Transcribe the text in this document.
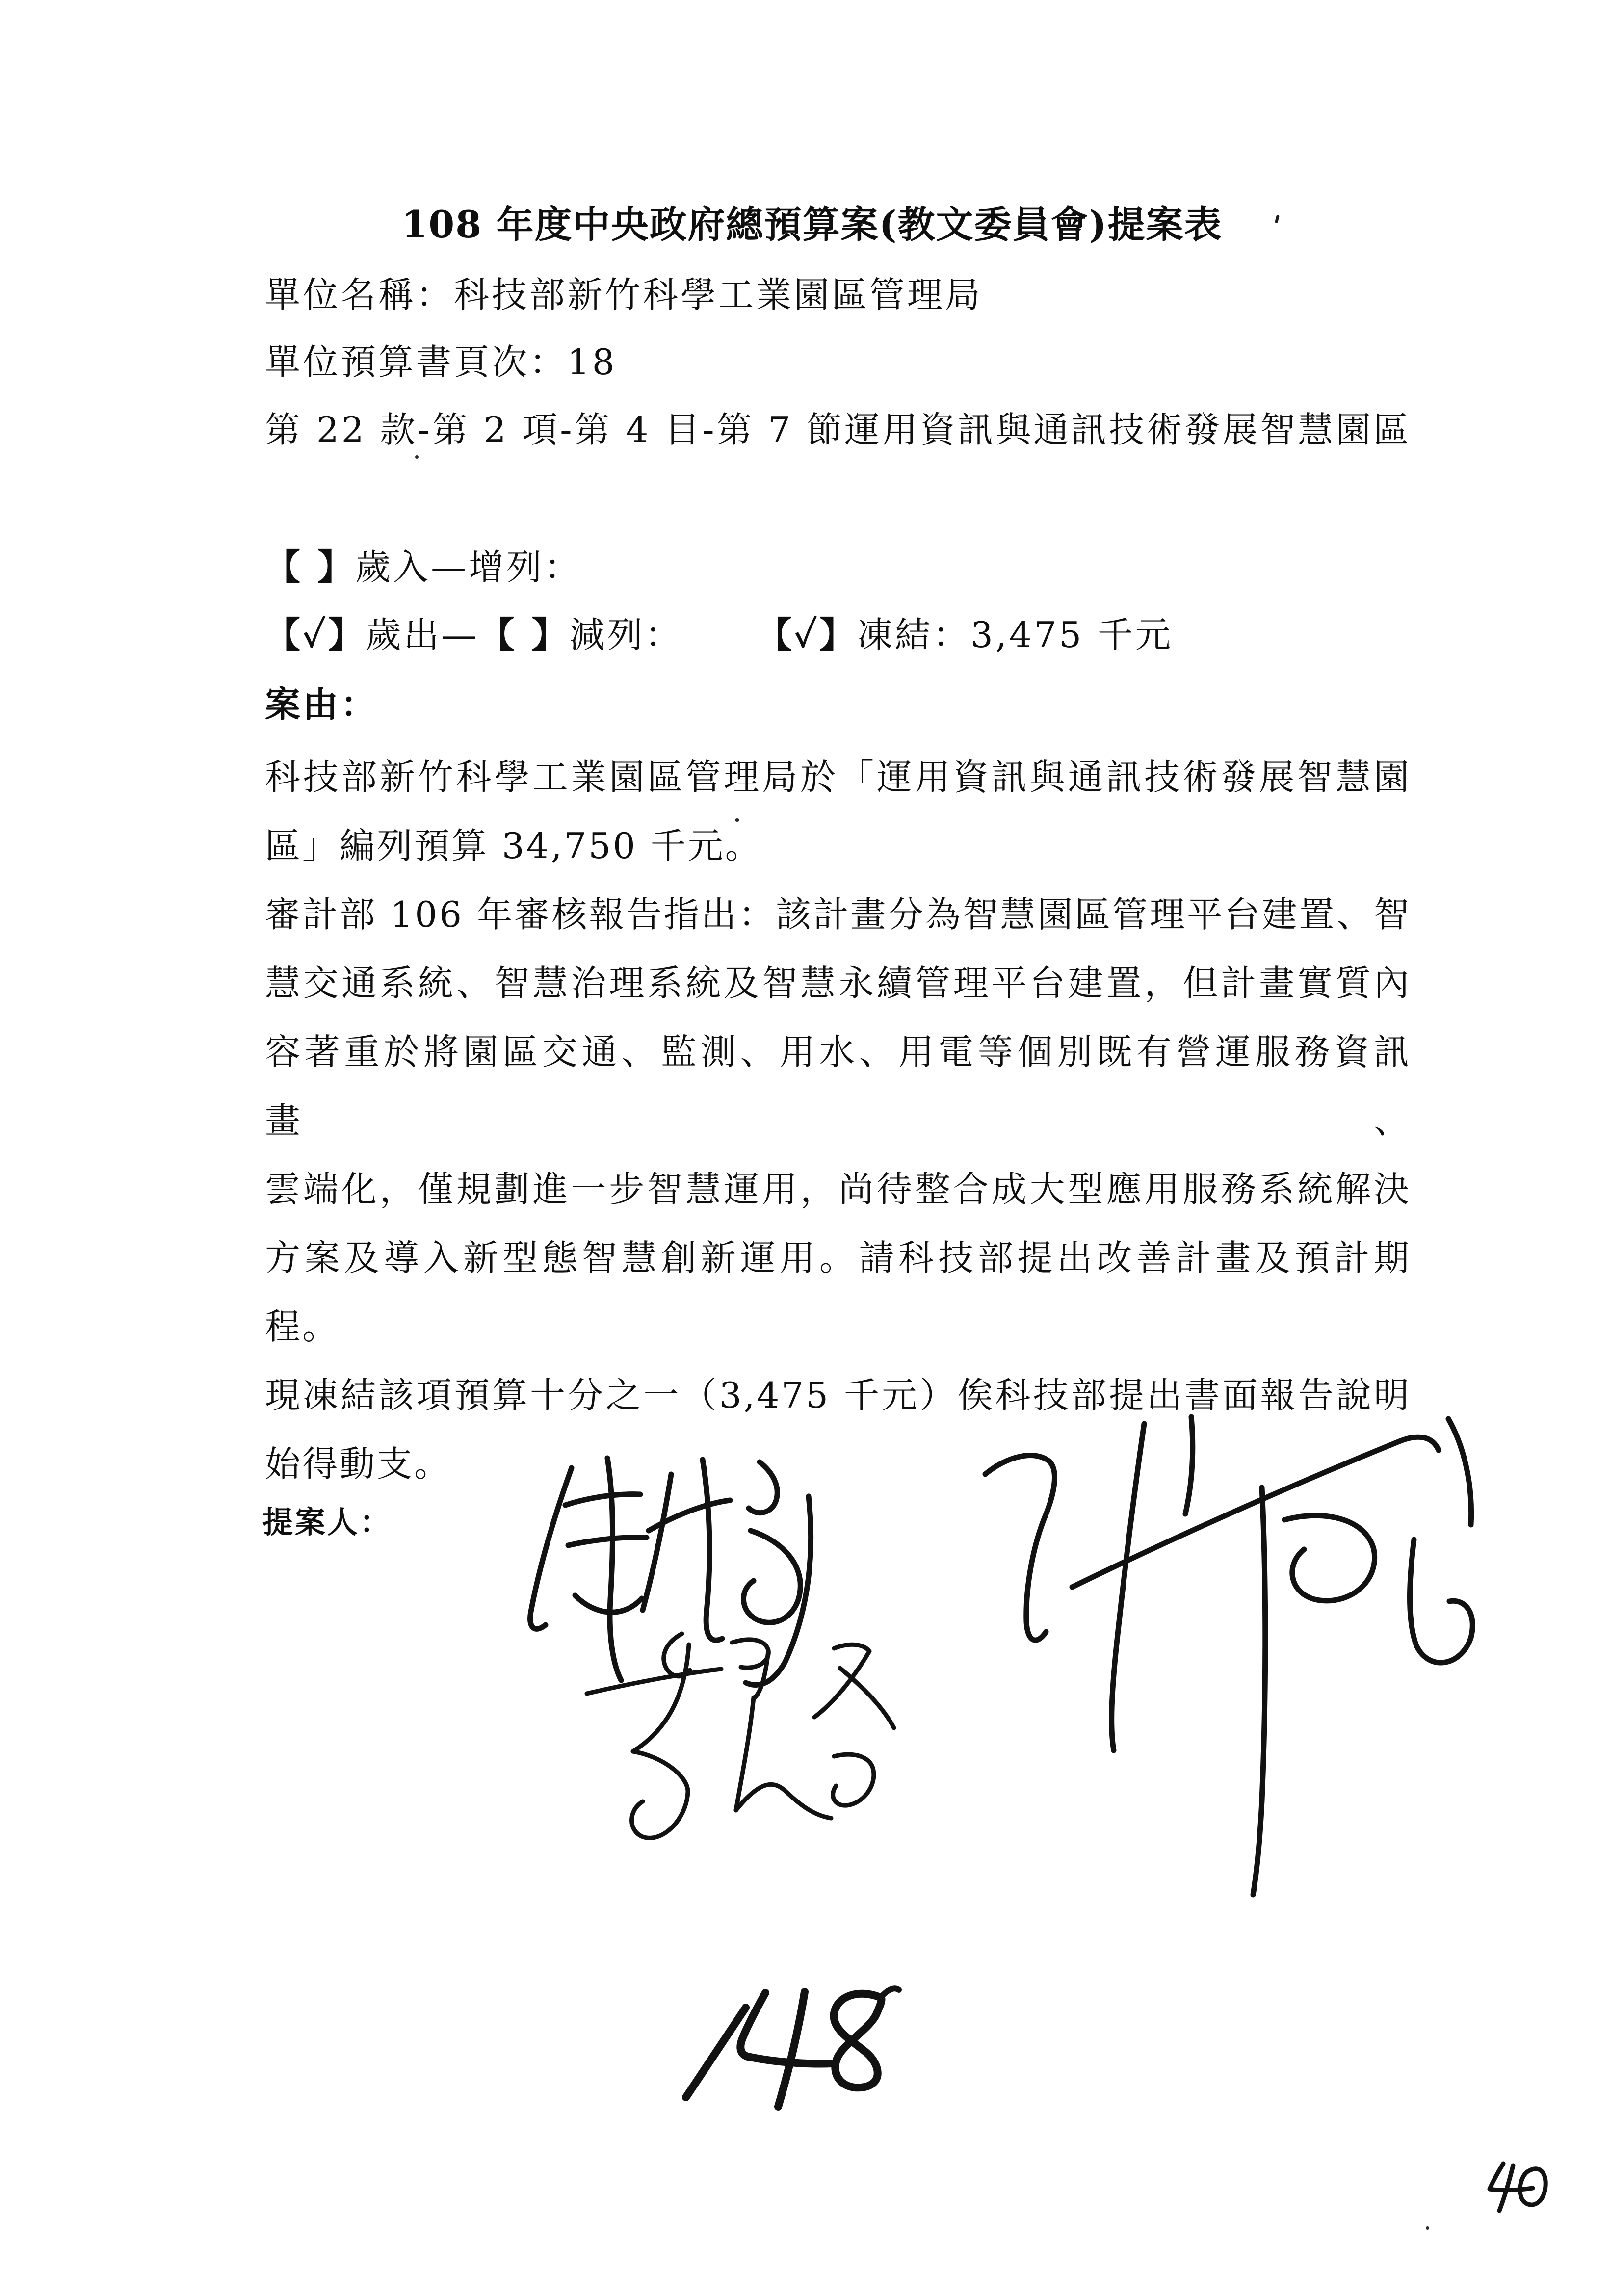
108 年度中央政府總預算案(教文委員會)提案表
單位名稱：科技部新竹科學工業園區管理局
單位預算書頁次：18
第 22 款-第 2 項-第 4 目-第 7 節運用資訊與通訊技術發展智慧園區
【 】歲入—增列：
【✓】歲出—【 】減列： 【✓】凍結：3,475 千元
案由：
科技部新竹科學工業園區管理局於「運用資訊與通訊技術發展智慧園
區」編列預算 34,750 千元。
審計部 106 年審核報告指出：該計畫分為智慧園區管理平台建置、智
慧交通系統、智慧治理系統及智慧永續管理平台建置，但計畫實質內
容著重於將園區交通、監測、用水、用電等個別既有營運服務資訊畫、
雲端化，僅規劃進一步智慧運用，尚待整合成大型應用服務系統解決
方案及導入新型態智慧創新運用。請科技部提出改善計畫及預計期
程。
現凍結該項預算十分之一（3,475 千元）俟科技部提出書面報告說明
始得動支。
提案人：
